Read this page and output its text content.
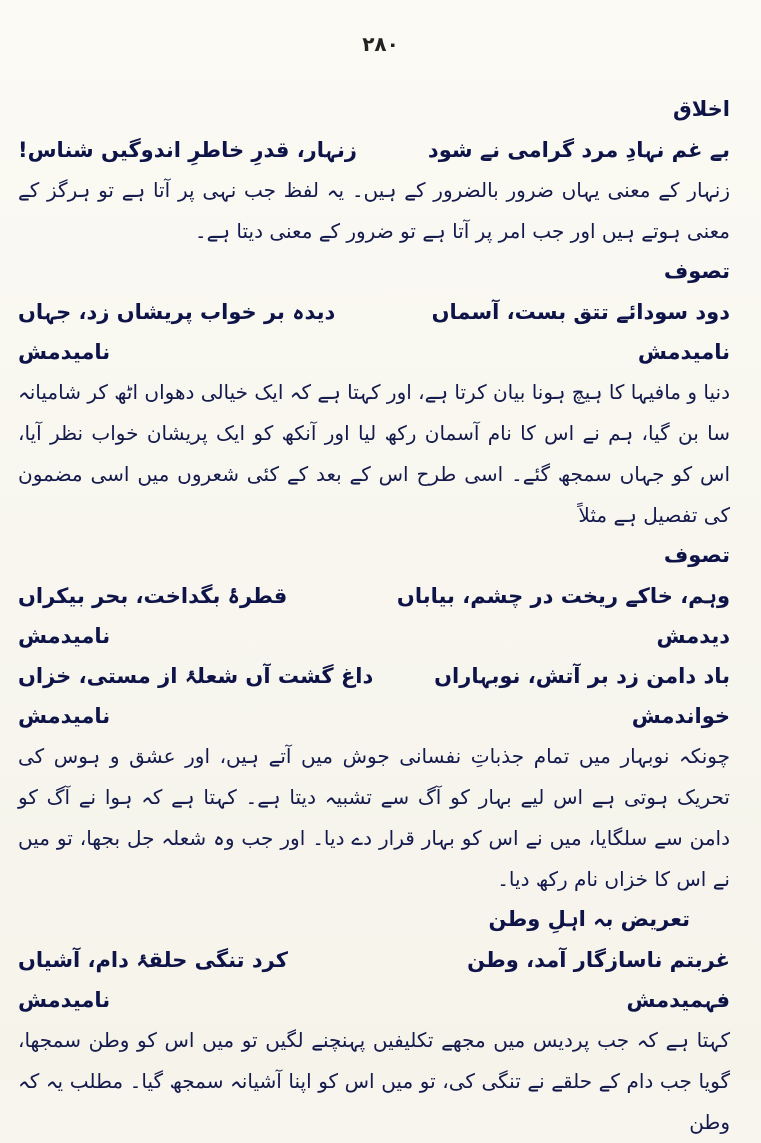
۲۸۰
اخلاق
بے غم نہادِ مرد گرامی نے شود
زنہار، قدرِ خاطرِ اندوگیں شناس!

زنہار کے معنی یہاں ضرور بالضرور کے ہیں۔ یہ لفظ جب نہی پر آتا ہے تو ہرگز کے معنی ہوتے ہیں اور جب امر پر آتا ہے تو ضرور کے معنی دیتا ہے۔

تصوف
دود سودائے تتق بست، آسماں نامیدمش
دیدہ بر خواب پریشاں زد، جہاں نامیدمش

دنیا و مافیہا کا ہیچ ہونا بیان کرتا ہے، اور کہتا ہے کہ ایک خیالی دھواں اٹھ کر شامیانہ سا بن گیا، ہم نے اس کا نام آسمان رکھ لیا اور آنکھ کو ایک پریشان خواب نظر آیا، اس کو جہاں سمجھ گئے۔ اسی طرح اس کے بعد کے کئی شعروں میں اسی مضمون کی تفصیل ہے مثلاً

تصوف
وہم، خاکے ریخت در چشم، بیاباں دیدمش
قطرۂ بگداخت، بحر بیکراں نامیدمش
باد دامن زد بر آتش، نوبہاراں خواندمش
داغ گشت آں شعلۂ از مستی، خزاں نامیدمش

چونکہ نوبہار میں تمام جذباتِ نفسانی جوش میں آتے ہیں، اور عشق و ہوس کی تحریک ہوتی ہے اس لیے بہار کو آگ سے تشبیہ دیتا ہے۔ کہتا ہے کہ ہوا نے آگ کو دامن سے سلگایا، میں نے اس کو بہار قرار دے دیا۔ اور جب وہ شعلہ جل بجھا، تو میں نے اس کا خزاں نام رکھ دیا۔

تعریض بہ اہلِ وطن
غربتم ناسازگار آمد، وطن فہمیدمش
کرد تنگی حلقۂ دام، آشیاں نامیدمش

کہتا ہے کہ جب پردیس میں مجھے تکلیفیں پہنچنے لگیں تو میں اس کو وطن سمجھا، گویا جب دام کے حلقے نے تنگی کی، تو میں اس کو اپنا آشیانہ سمجھ گیا۔ مطلب یہ کہ وطن
